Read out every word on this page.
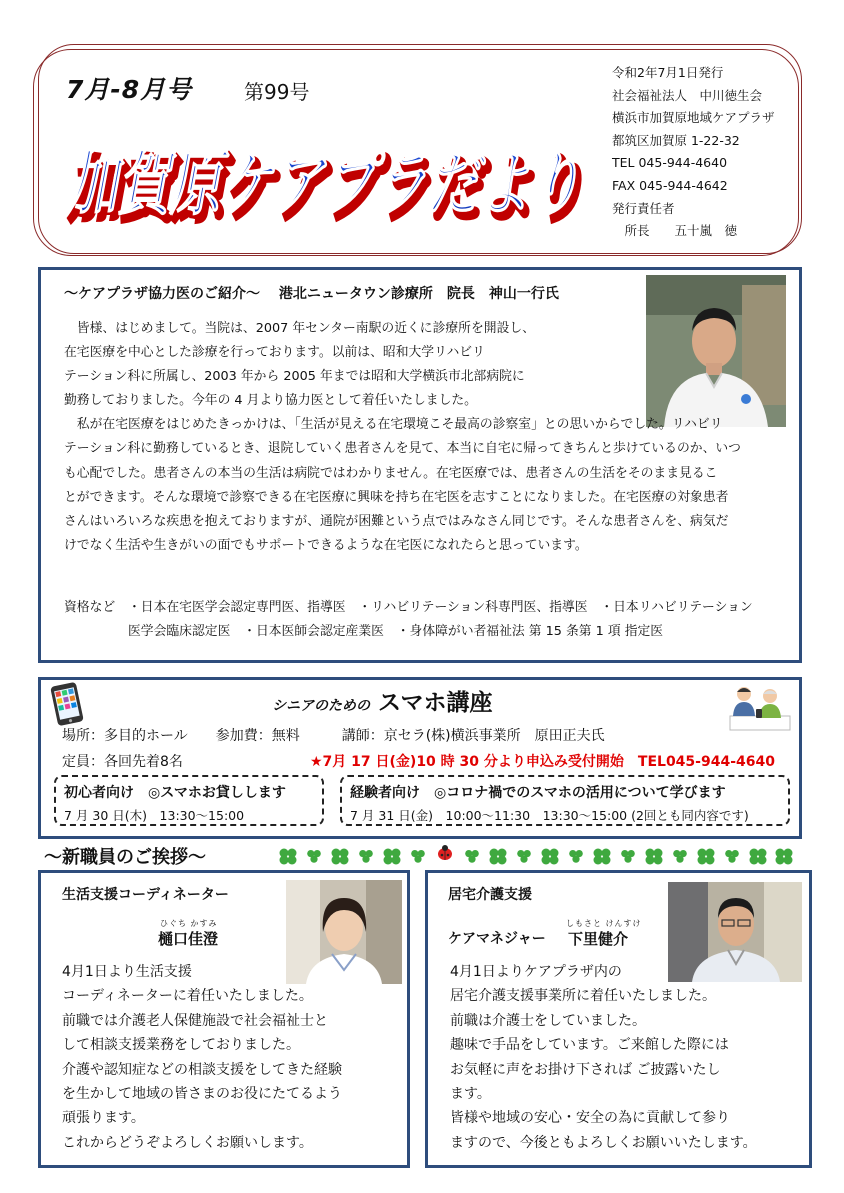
7月-8月号	第99号
加賀原ケアプラだより
加賀原ケアプラだより
令和2年7月1日発行
社会福祉法人　中川徳生会
横浜市加賀原地域ケアプラザ
都筑区加賀原 1-22-32
TEL 045-944-4640
FAX 045-944-4642
発行責任者
　所長　　五十嵐　徳
～ケアプラザ協力医のご紹介～　 港北ニュータウン診療所　院長　神山一行氏
　皆様、はじめまして。当院は、2007 年センター南駅の近くに診療所を開設し、
在宅医療を中心とした診療を行っております。以前は、昭和大学リハビリ
テーション科に所属し、2003 年から 2005 年までは昭和大学横浜市北部病院に
勤務しておりました。今年の 4 月より協力医として着任いたしました。
　私が在宅医療をはじめたきっかけは、「生活が見える在宅環境こそ最高の診察室」との思いからでした。リハビリ
テーション科に勤務しているとき、退院していく患者さんを見て、本当に自宅に帰ってきちんと歩けているのか、いつ
も心配でした。患者さんの本当の生活は病院ではわかりません。在宅医療では、患者さんの生活をそのまま見るこ
とができます。そんな環境で診察できる在宅医療に興味を持ち在宅医を志すことになりました。在宅医療の対象患者
さんはいろいろな疾患を抱えておりますが、通院が困難という点ではみなさん同じです。そんな患者さんを、病気だ
けでなく生活や生きがいの面でもサポートできるような在宅医になれたらと思っています。
資格など　・日本在宅医学会認定専門医、指導医　・リハビリテーション科専門医、指導医　・日本リハビリテーション
　　　　　医学会臨床認定医　・日本医師会認定産業医　・身体障がい者福祉法 第 15 条第 1 項 指定医
シニアのための スマホ講座
場所：多目的ホール　　参加費：無料　　　講師：京セラ(株)横浜事業所　原田正夫氏
定員：各回先着8名	★7月 17 日(金)10 時 30 分より申込み受付開始　TEL045-944-4640
初心者向け　◎スマホお貸しします
7 月 30 日(木)　13:30～15:00
経験者向け　◎コロナ禍でのスマホの活用について学びます
7 月 31 日(金)　10:00～11:30　13:30～15:00 (2回とも同内容です)
～新職員のご挨拶～
生活支援コーディネーター
ひぐち かすみ
樋口佳澄
4月1日より生活支援
コーディネーターに着任いたしました。
前職では介護老人保健施設で社会福祉士と
して相談支援業務をしておりました。
介護や認知症などの相談支援をしてきた経験
を生かして地域の皆さまのお役にたてるよう
頑張ります。
これからどうぞよろしくお願いします。
居宅介護支援
ケアマネジャー
しもさと けんすけ
下里健介
4月1日よりケアプラザ内の
居宅介護支援事業所に着任いたしました。
前職は介護士をしていました。
趣味で手品をしています。ご来館した際には
お気軽に声をお掛け下されば ご披露いたし
ます。
皆様や地域の安心・安全の為に貢献して参り
ますので、今後ともよろしくお願いいたします。
